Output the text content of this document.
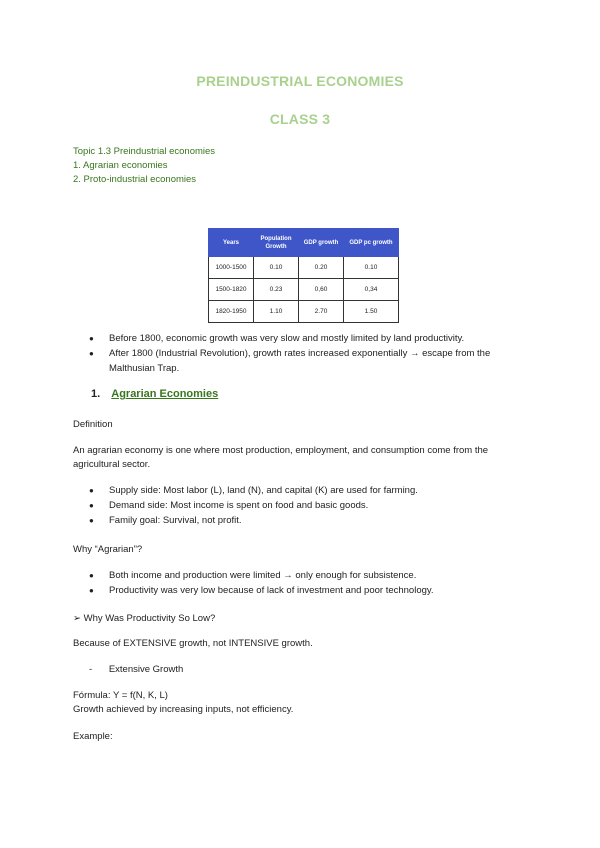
PREINDUSTRIAL ECONOMIES
CLASS 3
Topic 1.3 Preindustrial economies
1. Agrarian economies
2. Proto-industrial economies
Years	Population Growth	GDP growth	GDP pc growth
1000-1500	0.10	0.20	0.10
1500-1820	0.23	0,60	0,34
1820-1950	1.10	2.70	1.50
● Before 1800, economic growth was very slow and mostly limited by land productivity.
● After 1800 (Industrial Revolution), growth rates increased exponentially → escape from the Malthusian Trap.
1. Agrarian Economies
Definition
An agrarian economy is one where most production, employment, and consumption come from the agricultural sector.
● Supply side: Most labor (L), land (N), and capital (K) are used for farming.
● Demand side: Most income is spent on food and basic goods.
● Family goal: Survival, not profit.
Why “Agrarian”?
● Both income and production were limited → only enough for subsistence.
● Productivity was very low because of lack of investment and poor technology.
➢ Why Was Productivity So Low?
Because of EXTENSIVE growth, not INTENSIVE growth.
- Extensive Growth
Fórmula: Y = f(N, K, L)
Growth achieved by increasing inputs, not efficiency.
Example:
